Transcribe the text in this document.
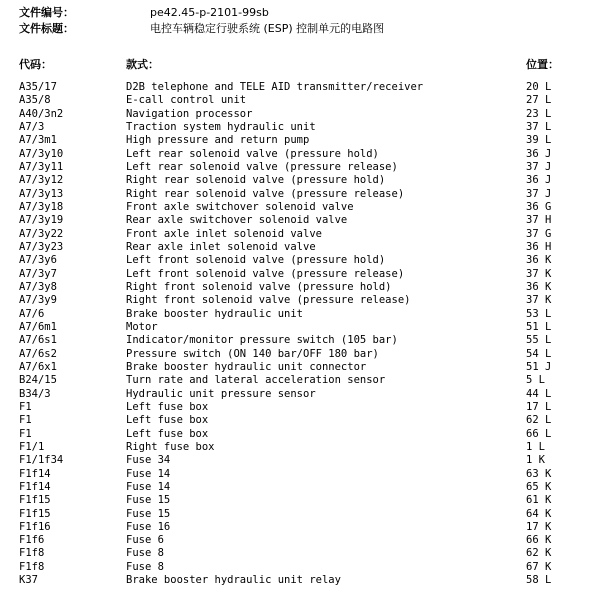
文件编号：	pe42.45-p-2101-99sb
文件标题：	电控车辆稳定行驶系统 (ESP) 控制单元的电路图
代码：	款式：	位置：
A35/17	D2B telephone and TELE AID transmitter/receiver	20 L
A35/8	E-call control unit	27 L
A40/3n2	Navigation processor	23 L
A7/3	Traction system hydraulic unit	37 L
A7/3m1	High pressure and return pump	39 L
A7/3y10	Left rear solenoid valve (pressure hold)	36 J
A7/3y11	Left rear solenoid valve (pressure release)	37 J
A7/3y12	Right rear solenoid valve (pressure hold)	36 J
A7/3y13	Right rear solenoid valve (pressure release)	37 J
A7/3y18	Front axle switchover solenoid valve	36 G
A7/3y19	Rear axle switchover solenoid valve	37 H
A7/3y22	Front axle inlet solenoid valve	37 G
A7/3y23	Rear axle inlet solenoid valve	36 H
A7/3y6	Left front solenoid valve (pressure hold)	36 K
A7/3y7	Left front solenoid valve (pressure release)	37 K
A7/3y8	Right front solenoid valve (pressure hold)	36 K
A7/3y9	Right front solenoid valve (pressure release)	37 K
A7/6	Brake booster hydraulic unit	53 L
A7/6m1	Motor	51 L
A7/6s1	Indicator/monitor pressure switch (105 bar)	55 L
A7/6s2	Pressure switch (ON 140 bar/OFF 180 bar)	54 L
A7/6x1	Brake booster hydraulic unit connector	51 J
B24/15	Turn rate and lateral acceleration sensor	5 L
B34/3	Hydraulic unit pressure sensor	44 L
F1	Left fuse box	17 L
F1	Left fuse box	62 L
F1	Left fuse box	66 L
F1/1	Right fuse box	1 L
F1/1f34	Fuse 34	1 K
F1f14	Fuse 14	63 K
F1f14	Fuse 14	65 K
F1f15	Fuse 15	61 K
F1f15	Fuse 15	64 K
F1f16	Fuse 16	17 K
F1f6	Fuse 6	66 K
F1f8	Fuse 8	62 K
F1f8	Fuse 8	67 K
K37	Brake booster hydraulic unit relay	58 L
